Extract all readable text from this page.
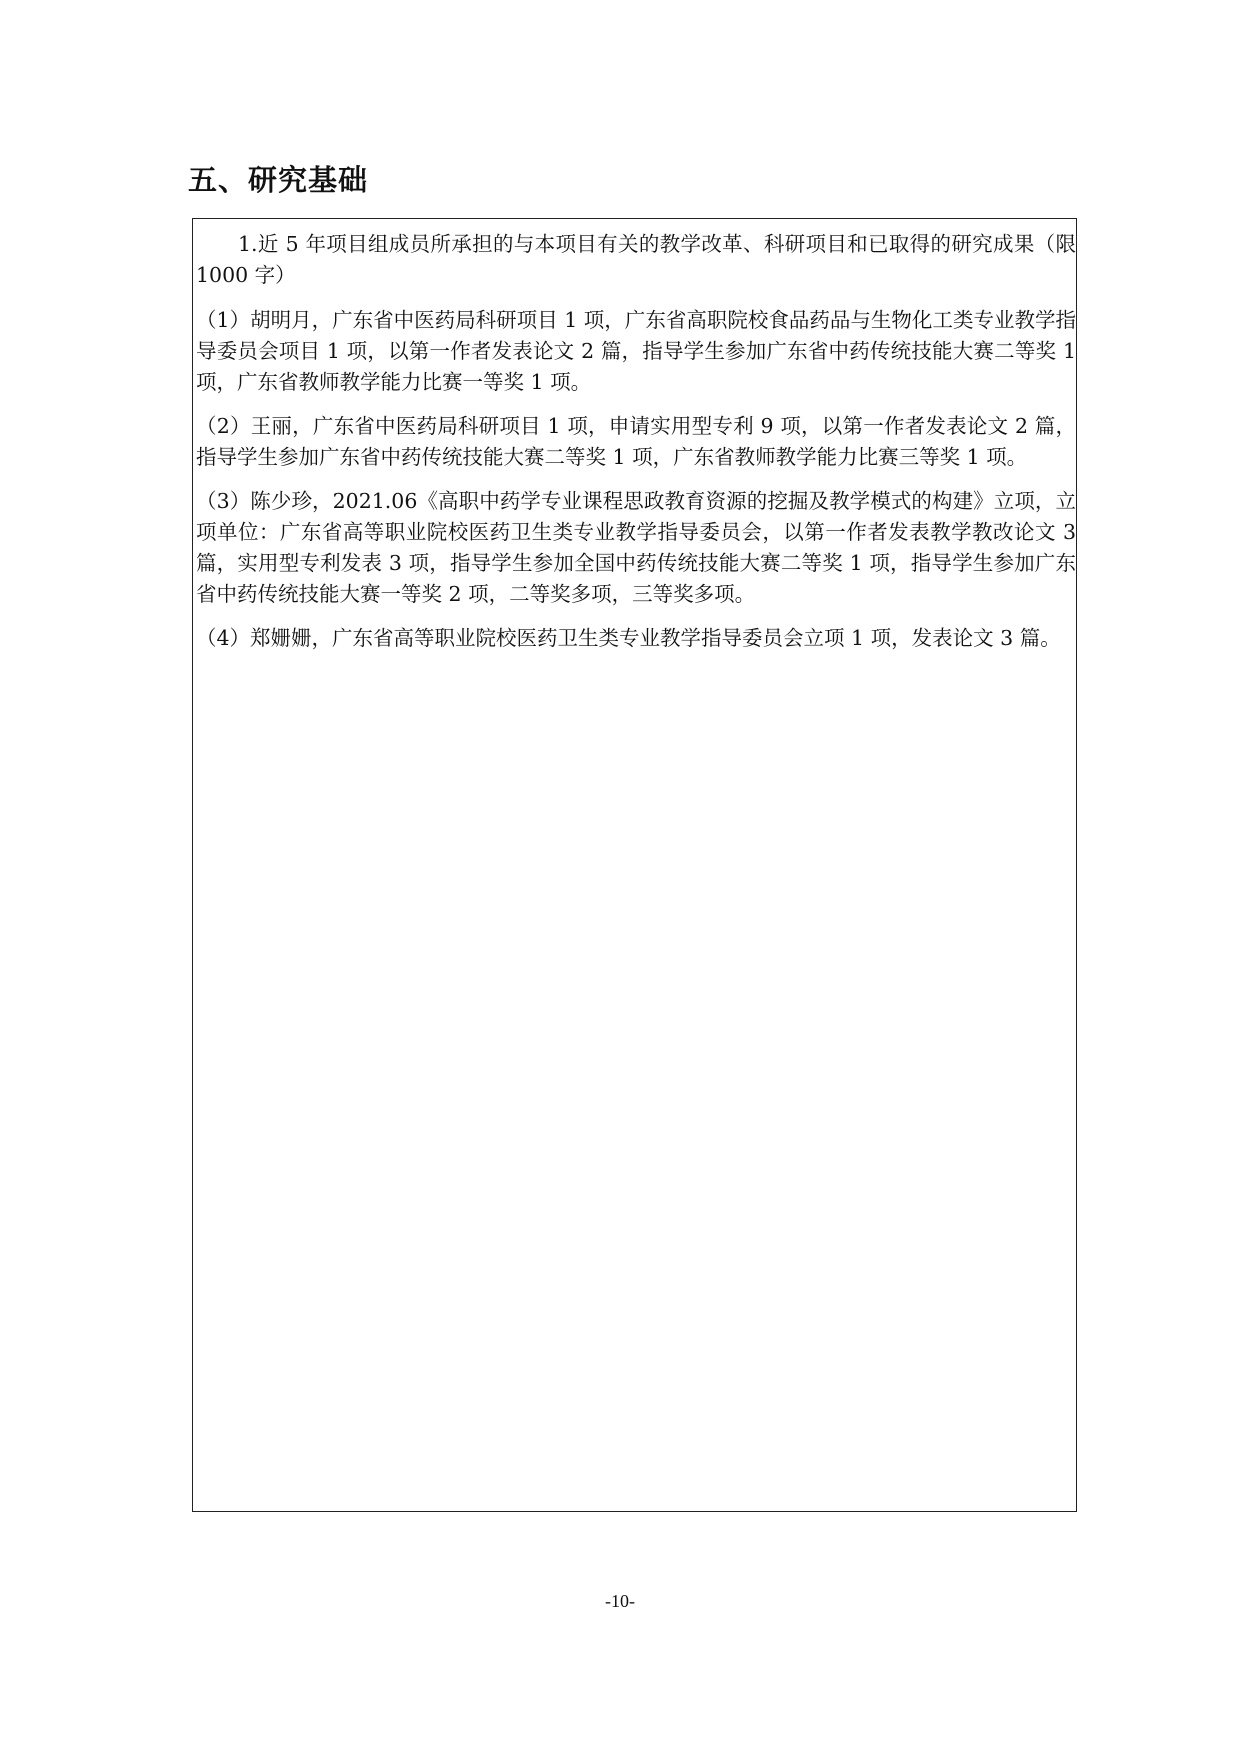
五、研究基础

1.近 5 年项目组成员所承担的与本项目有关的教学改革、科研项目和已取得的研究成果（限 1000 字）

（1）胡明月，广东省中医药局科研项目 1 项，广东省高职院校食品药品与生物化工类专业教学指导委员会项目 1 项，以第一作者发表论文 2 篇，指导学生参加广东省中药传统技能大赛二等奖 1 项，广东省教师教学能力比赛一等奖 1 项。

（2）王丽，广东省中医药局科研项目 1 项，申请实用型专利 9 项，以第一作者发表论文 2 篇，指导学生参加广东省中药传统技能大赛二等奖 1 项，广东省教师教学能力比赛三等奖 1 项。

（3）陈少珍，2021.06《高职中药学专业课程思政教育资源的挖掘及教学模式的构建》立项，立项单位：广东省高等职业院校医药卫生类专业教学指导委员会，以第一作者发表教学教改论文 3 篇，实用型专利发表 3 项，指导学生参加全国中药传统技能大赛二等奖 1 项，指导学生参加广东省中药传统技能大赛一等奖 2 项，二等奖多项，三等奖多项。

（4）郑姗姗，广东省高等职业院校医药卫生类专业教学指导委员会立项 1 项，发表论文 3 篇。

-10-
